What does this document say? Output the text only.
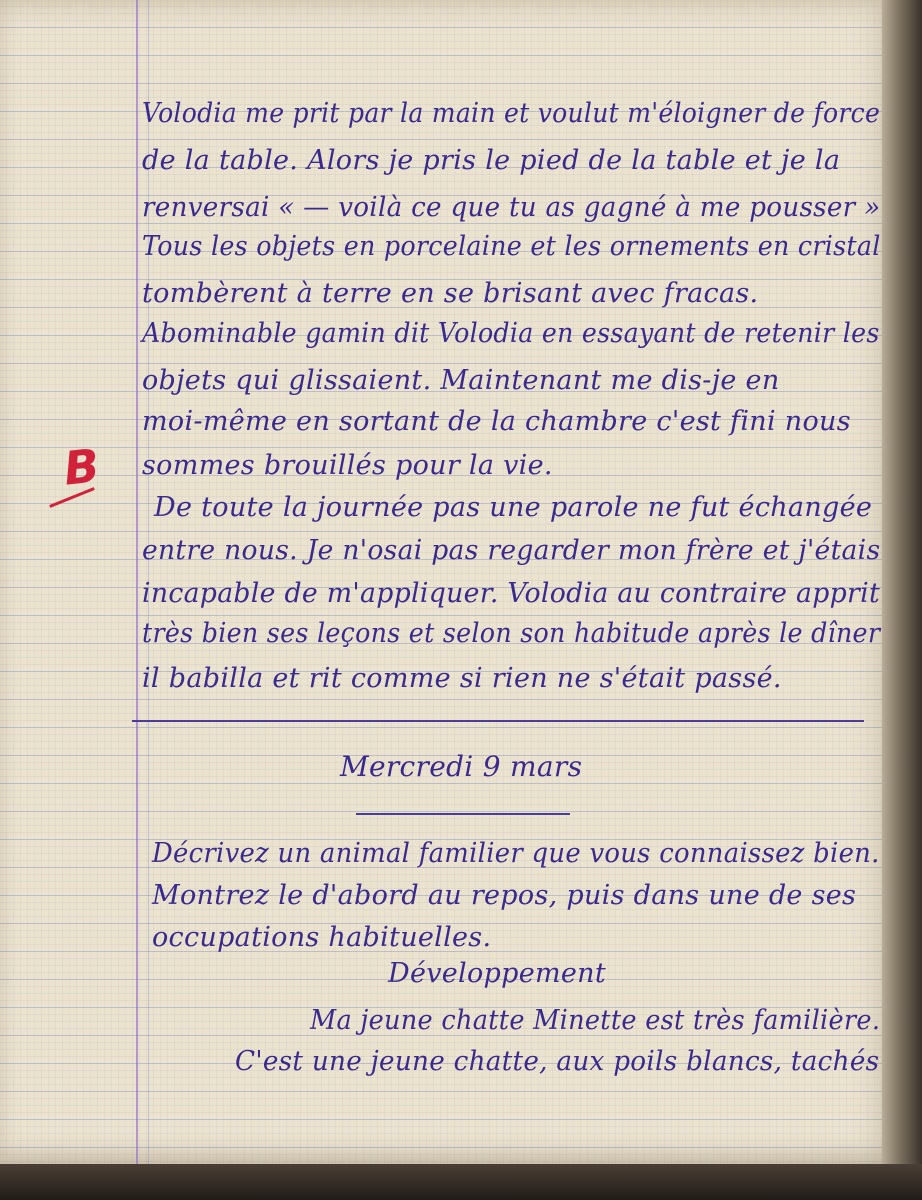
Volodia me prit par la main et voulut m'éloigner de force
de la table. Alors je pris le pied de la table et je la
renversai « — voilà ce que tu as gagné à me pousser »
Tous les objets en porcelaine et les ornements en cristal
tombèrent à terre en se brisant avec fracas.
Abominable gamin dit Volodia en essayant de retenir les
objets qui glissaient. Maintenant me dis-je en
moi-même en sortant de la chambre c'est fini nous
sommes brouillés pour la vie.
B
De toute la journée pas une parole ne fut échangée
entre nous. Je n'osai pas regarder mon frère et j'étais
incapable de m'appliquer. Volodia au contraire apprit
très bien ses leçons et selon son habitude après le dîner
il babilla et rit comme si rien ne s'était passé.
Mercredi 9 mars
Décrivez un animal familier que vous connaissez bien.
Montrez le d'abord au repos, puis dans une de ses
occupations habituelles.
Développement
Ma jeune chatte Minette est très familière.
C'est une jeune chatte, aux poils blancs, tachés
